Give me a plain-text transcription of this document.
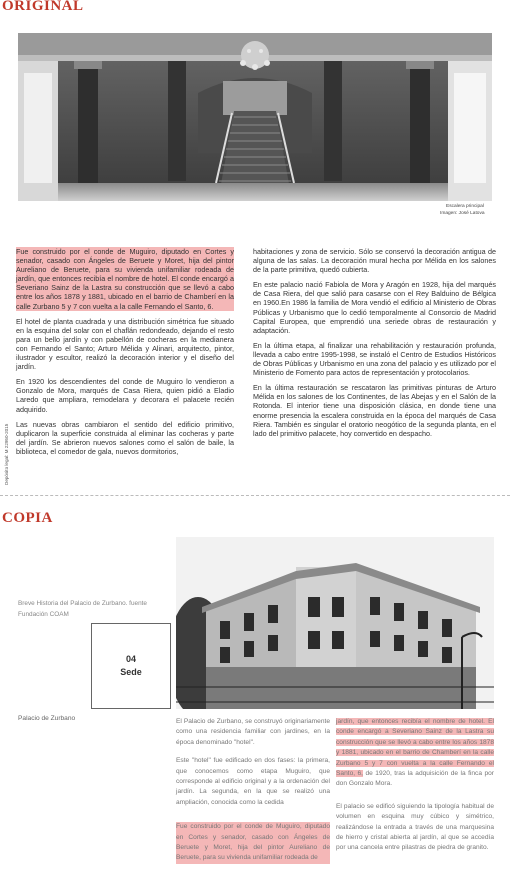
ORIGINAL
Escalera principal
Imagen: José Latova
Depósito legal: M 22950-2015

Fue construido por el conde de Muguiro, diputado en Cortes y senador, casado con Ángeles de Beruete y Moret, hija del pintor Aureliano de Beruete, para su vivienda unifamiliar rodeada de jardín, que entonces recibía el nombre de hotel. El conde encargó a Severiano Sainz de la Lastra su construcción que se llevó a cabo entre los años 1878 y 1881, ubicado en el barrio de Chamberí en la calle Zurbano 5 y 7 con vuelta a la calle Fernando el Santo, 6.

El hotel de planta cuadrada y una distribución simétrica fue situado en la esquina del solar con el chaflán redondeado, dejando el resto para un bello jardín y con pabellón de cocheras en la medianera con Fernando el Santo; Arturo Mélida y Alinari, arquitecto, pintor, ilustrador y escultor, realizó la decoración interior y el diseño del jardín.

En 1920 los descendientes del conde de Muguiro lo vendieron a Gonzalo de Mora, marqués de Casa Riera, quien pidió a Eladio Laredo que ampliara, remodelara y decorara el palacete recién adquirido.

Las nuevas obras cambiaron el sentido del edificio primitivo, duplicaron la superficie construida al eliminar las cocheras y parte del jardín. Se abrieron nuevos salones como el salón de baile, la biblioteca, el comedor de gala, nuevos dormitorios,

habitaciones y zona de servicio. Sólo se conservó la decoración antigua de alguna de las salas. La decoración mural hecha por Mélida en los salones de la parte primitiva, quedó cubierta.

En este palacio nació Fabiola de Mora y Aragón en 1928, hija del marqués de Casa Riera, del que salió para casarse con el Rey Balduino de Bélgica en 1960.En 1986 la familia de Mora vendió el edificio al Ministerio de Obras Públicas y Urbanismo que lo cedió temporalmente al Consorcio de Madrid Capital Europea, que emprendió una seriede obras de restauración y adaptación.

En la última etapa, al finalizar una rehabilitación y restauración profunda, llevada a cabo entre 1995-1998, se instaló el Centro de Estudios Históricos de Obras Públicas y Urbanismo en una zona del palacio y es utilizado por el Ministerio de Fomento para actos de representación y protocolarios.

En la última restauración se rescataron las primitivas pinturas de Arturo Mélida en los salones de los Continentes, de las Abejas y en el Salón de la Rotonda. El interior tiene una disposición clásica, en donde tiene una enorme presencia la escalera construida en la época del marqués de Casa Riera. También es singular el oratorio neogótico de la segunda planta, en el lado del primitivo palacete, hoy convertido en despacho.

COPIA
Breve Historia del Palacio de Zurbano. fuente Fundación COAM
04
Sede
Palacio de Zurbano	El Palacio de Zurbano, se construyó originariamente como una residencia familiar con jardines, en la época denominado "hotel".

Este "hotel" fue edificado en dos fases: la primera, que conocemos como etapa Muguiro, que corresponde al edificio original y a la ordenación del jardín. La segunda, en la que se realizó una ampliación, conocida como la cedida

Fue construido por el conde de Muguiro, diputado en Cortes y senador, casado con Ángeles de Beruete y Moret, hija del pintor Aureliano de Beruete, para su vivienda unifamiliar rodeada de

jardín, que entonces recibía el nombre de hotel. El conde encargó a Severiano Sainz de la Lastra su construcción que se llevó a cabo entre los años 1878 y 1881, ubicado en el barrio de Chamberí en la calle Zurbano 5 y 7 con vuelta a la calle Fernando el Santo, 6, de 1920, tras la adquisición de la finca por don Gonzalo Mora.

El palacio se edificó siguiendo la tipología habitual de volumen en esquina muy cúbico y simétrico, realizándose la entrada a través de una marquesina de hierro y cristal abierta al jardín, al que se accedía por una cancela entre pilastras de piedra de granito.
